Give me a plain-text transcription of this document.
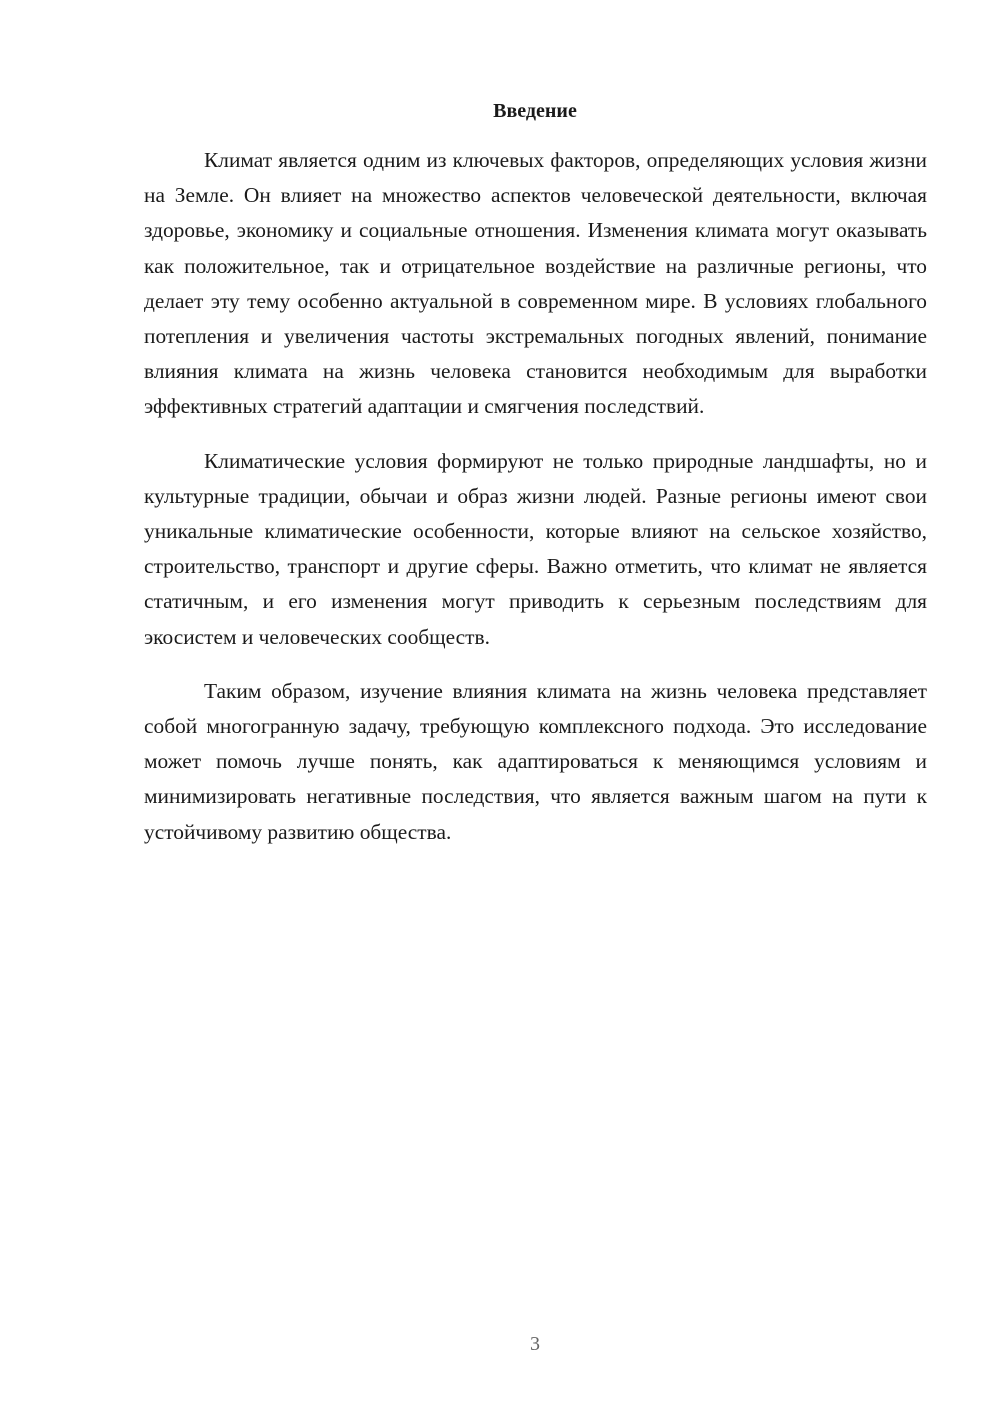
Введение

Климат является одним из ключевых факторов, определяющих условия жизни на Земле. Он влияет на множество аспектов человеческой деятельности, включая здоровье, экономику и социальные отношения. Изменения климата могут оказывать как положительное, так и отрицательное воздействие на различные регионы, что делает эту тему особенно актуальной в современном мире. В условиях глобального потепления и увеличения частоты экстремальных погодных явлений, понимание влияния климата на жизнь человека становится необходимым для выработки эффективных стратегий адаптации и смягчения последствий.

Климатические условия формируют не только природные ландшафты, но и культурные традиции, обычаи и образ жизни людей. Разные регионы имеют свои уникальные климатические особенности, которые влияют на сельское хозяйство, строительство, транспорт и другие сферы. Важно отметить, что климат не является статичным, и его изменения могут приводить к серьезным последствиям для экосистем и человеческих сообществ.

Таким образом, изучение влияния климата на жизнь человека представляет собой многогранную задачу, требующую комплексного подхода. Это исследование может помочь лучше понять, как адаптироваться к меняющимся условиям и минимизировать негативные последствия, что является важным шагом на пути к устойчивому развитию общества.

3
